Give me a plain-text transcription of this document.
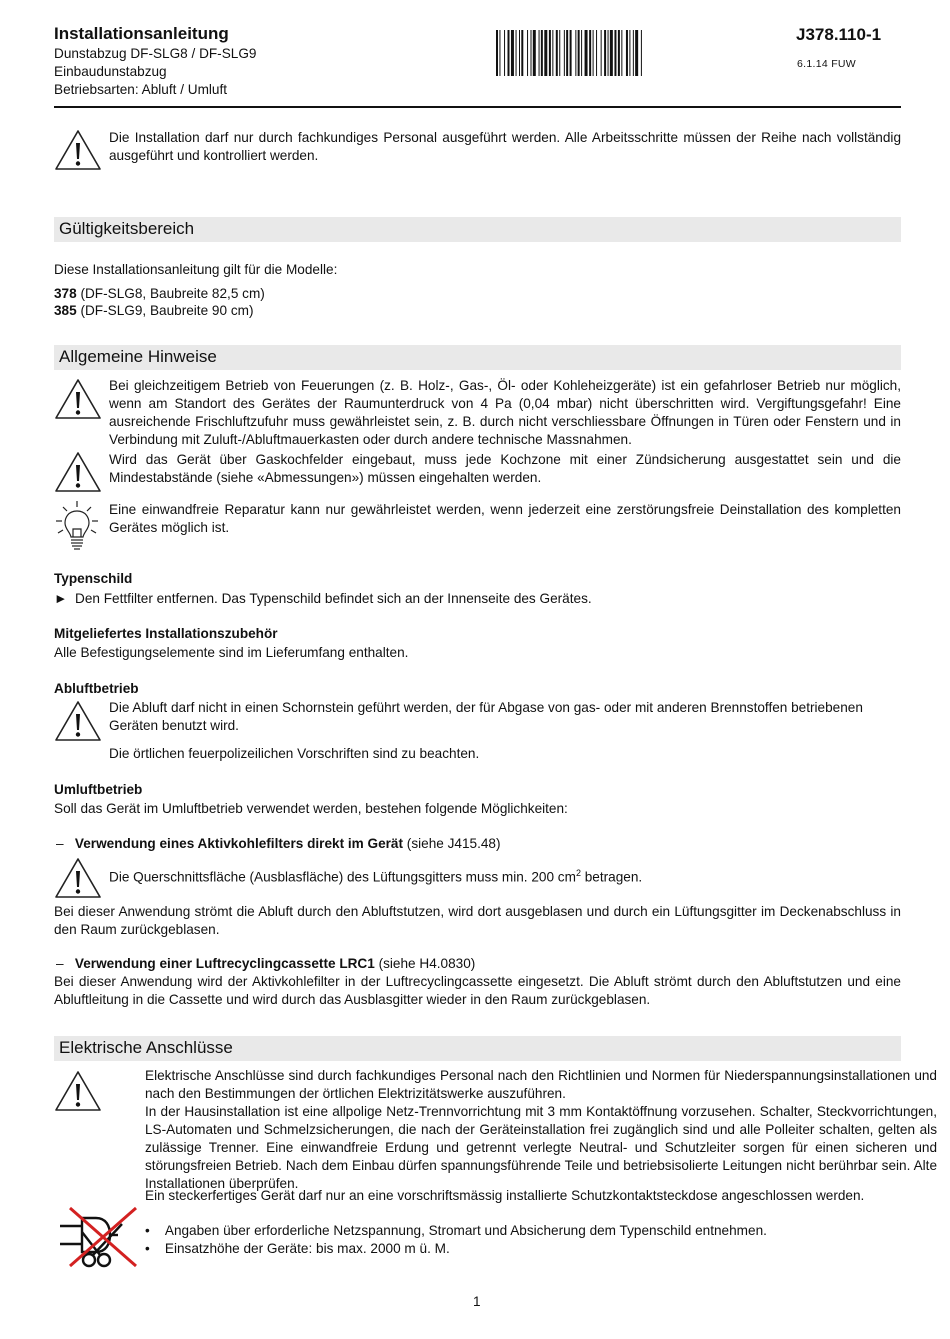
Installationsanleitung
Dunstabzug DF-SLG8 / DF-SLG9
Einbaudunstabzug
Betriebsarten: Abluft / Umluft
J378.110-1
6.1.14 FUW
Die Installation darf nur durch fachkundiges Personal ausgeführt werden. Alle Arbeitsschritte müssen der Reihe nach vollständig ausgeführt und kontrolliert werden.
Gültigkeitsbereich
Diese Installationsanleitung gilt für die Modelle:
378 (DF-SLG8, Baubreite 82,5 cm)
385 (DF-SLG9, Baubreite 90 cm)
Allgemeine Hinweise
Bei gleichzeitigem Betrieb von Feuerungen (z. B. Holz-, Gas-, Öl- oder Kohleheizgeräte) ist ein gefahrloser Betrieb nur möglich, wenn am Standort des Gerätes der Raumunterdruck von 4 Pa (0,04 mbar) nicht überschritten wird. Vergiftungsgefahr! Eine ausreichende Frischluftzufuhr muss gewährleistet sein, z. B. durch nicht verschliessbare Öffnungen in Türen oder Fenstern und in Verbindung mit Zuluft-/Abluftmauerkasten oder durch andere technische Massnahmen.
Wird das Gerät über Gaskochfelder eingebaut, muss jede Kochzone mit einer Zündsicherung ausgestattet sein und die Mindestabstände (siehe «Abmessungen») müssen eingehalten werden.
Eine einwandfreie Reparatur kann nur gewährleistet werden, wenn jederzeit eine zerstörungsfreie Deinstallation des kompletten Gerätes möglich ist.
Typenschild
► Den Fettfilter entfernen. Das Typenschild befindet sich an der Innenseite des Gerätes.
Mitgeliefertes Installationszubehör
Alle Befestigungselemente sind im Lieferumfang enthalten.
Abluftbetrieb
Die Abluft darf nicht in einen Schornstein geführt werden, der für Abgase von gas- oder mit anderen Brennstoffen betriebenen Geräten benutzt wird.
Die örtlichen feuerpolizeilichen Vorschriften sind zu beachten.
Umluftbetrieb
Soll das Gerät im Umluftbetrieb verwendet werden, bestehen folgende Möglichkeiten:
– Verwendung eines Aktivkohlefilters direkt im Gerät (siehe J415.48)
Die Querschnittsfläche (Ausblasfläche) des Lüftungsgitters muss min. 200 $cm^2$ betragen.
Bei dieser Anwendung strömt die Abluft durch den Abluftstutzen, wird dort ausgeblasen und durch ein Lüftungsgitter im Deckenabschluss in den Raum zurückgeblasen.
– Verwendung einer Luftrecyclingcassette LRC1 (siehe H4.0830)
Bei dieser Anwendung wird der Aktivkohlefilter in der Luftrecyclingcassette eingesetzt. Die Abluft strömt durch den Abluftstutzen und eine Abluftleitung in die Cassette und wird durch das Ausblasgitter wieder in den Raum zurückgeblasen.
Elektrische Anschlüsse
Elektrische Anschlüsse sind durch fachkundiges Personal nach den Richtlinien und Normen für Niederspannungsinstallationen und nach den Bestimmungen der örtlichen Elektrizitätswerke auszuführen.
In der Hausinstallation ist eine allpolige Netz-Trennvorrichtung mit 3 mm Kontaktöffnung vorzusehen. Schalter, Steckvorrichtungen, LS-Automaten und Schmelzsicherungen, die nach der Geräteinstallation frei zugänglich sind und alle Polleiter schalten, gelten als zulässige Trenner. Eine einwandfreie Erdung und getrennt verlegte Neutral- und Schutzleiter sorgen für einen sicheren und störungsfreien Betrieb. Nach dem Einbau dürfen spannungsführende Teile und betriebsisolierte Leitungen nicht berührbar sein. Alte Installationen überprüfen.
Ein steckerfertiges Gerät darf nur an eine vorschriftsmässig installierte Schutzkontaktsteckdose angeschlossen werden.
• Angaben über erforderliche Netzspannung, Stromart und Absicherung dem Typenschild entnehmen.
• Einsatzhöhe der Geräte: bis max. 2000 m ü. M.
1
